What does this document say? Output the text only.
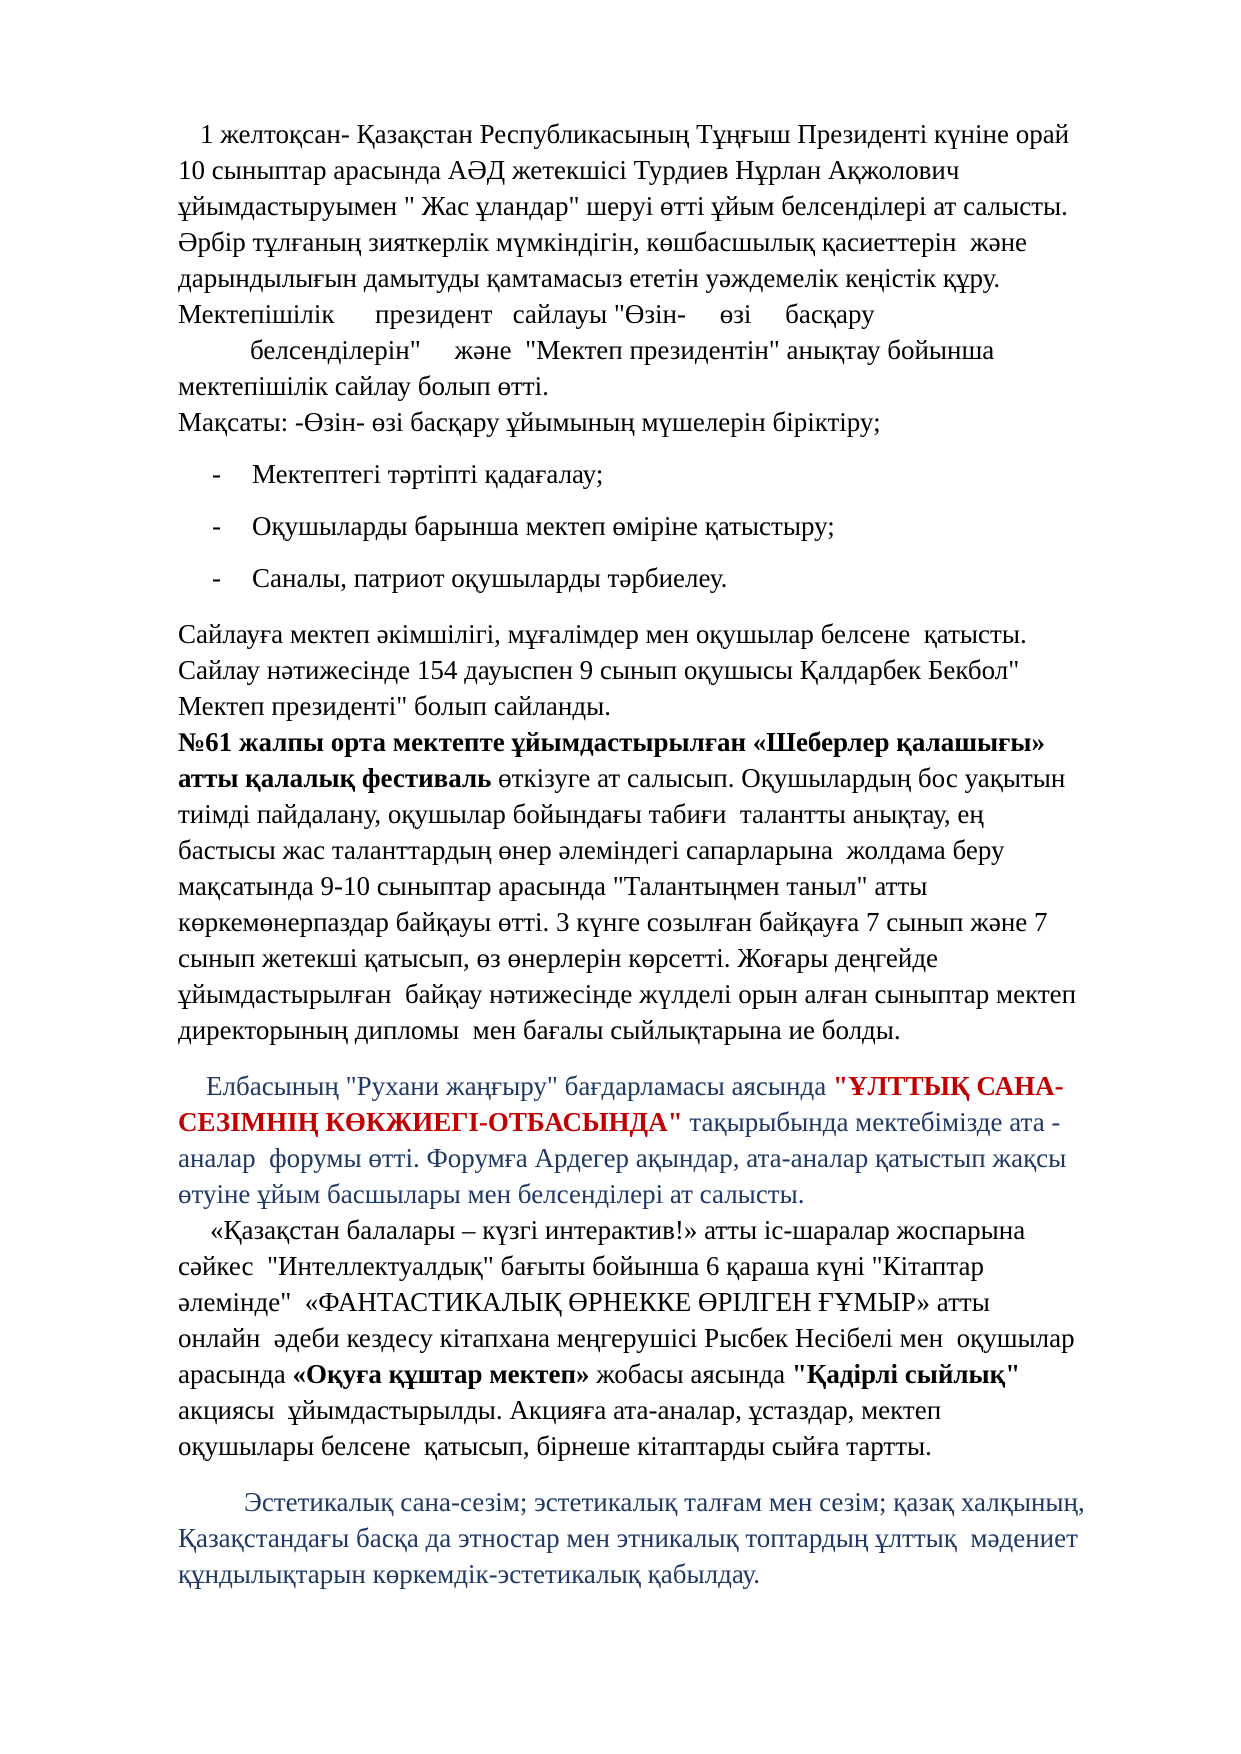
1 желтоқсан- Қазақстан Республикасының Тұңғыш Президенті күніне орай
10 сыныптар арасында АӘД жетекшісі Турдиев Нұрлан Ақжолович
ұйымдастыруымен " Жас ұландар" шеруі өтті ұйым белсенділері ат салысты.
Әрбір тұлғаның зияткерлік мүмкіндігін, көшбасшылық қасиеттерін  және
дарындылығын дамытуды қамтамасыз ететін уәждемелік кеңістік құру.
Мектепішілік      президент   сайлауы "Өзін-     өзі     басқару
белсенділерін"     және  "Мектеп президентін" анықтау бойынша
мектепішілік сайлау болып өтті.
Мақсаты: -Өзін- өзі басқару ұйымының мүшелерін біріктіру;
- Мектептегі тәртіпті қадағалау;
- Оқушыларды барынша мектеп өміріне қатыстыру;
- Саналы, патриот оқушыларды тәрбиелеу.
Сайлауға мектеп әкімшілігі, мұғалімдер мен оқушылар белсене  қатысты.
Сайлау нәтижесінде 154 дауыспен 9 сынып оқушысы Қалдарбек Бекбол"
Мектеп президенті" болып сайланды.
№61 жалпы орта мектепте ұйымдастырылған «Шеберлер қалашығы»
атты қалалық фестиваль өткізуге ат салысып. Оқушылардың бос уақытын
тиімді пайдалану, оқушылар бойындағы табиғи  талантты анықтау, ең
бастысы жас таланттардың өнер әлеміндегі сапарларына  жолдама беру
мақсатында 9-10 сыныптар арасында "Талантыңмен таныл" атты
көркемөнерпаздар байқауы өтті. 3 күнге созылған байқауға 7 сынып және 7
сынып жетекші қатысып, өз өнерлерін көрсетті. Жоғары деңгейде
ұйымдастырылған  байқау нәтижесінде жүлделі орын алған сыныптар мектеп
директорының дипломы  мен бағалы сыйлықтарына ие болды.
Елбасының "Рухани жаңғыру" бағдарламасы аясында "ҰЛТТЫҚ САНА-
СЕЗІМНІҢ КӨКЖИЕГІ-ОТБАСЫНДА" тақырыбында мектебімізде ата -
аналар  форумы өтті. Форумға Ардегер ақындар, ата-аналар қатыстып жақсы
өтуіне ұйым басшылары мен белсенділері ат салысты.
«Қазақстан балалары – күзгі интерактив!» атты іс-шаралар жоспарына
сәйкес  "Интеллектуалдық" бағыты бойынша 6 қараша күні "Кітаптар
әлемінде"  «ФАНТАСТИКАЛЫҚ ӨРНЕККЕ ӨРІЛГЕН ҒҰМЫР» атты
онлайн  әдеби кездесу кітапхана меңгерушісі Рысбек Несібелі мен  оқушылар
арасында «Оқуға құштар мектеп» жобасы аясында "Қадірлі сыйлық"
акциясы  ұйымдастырылды. Акцияға ата-аналар, ұстаздар, мектеп
оқушылары белсене  қатысып, бірнеше кітаптарды сыйға тартты.
Эстетикалық сана-сезім; эстетикалық талғам мен сезім; қазақ халқының,
Қазақстандағы басқа да этностар мен этникалық топтардың ұлттық  мәдениет
құндылықтарын көркемдік-эстетикалық қабылдау.
